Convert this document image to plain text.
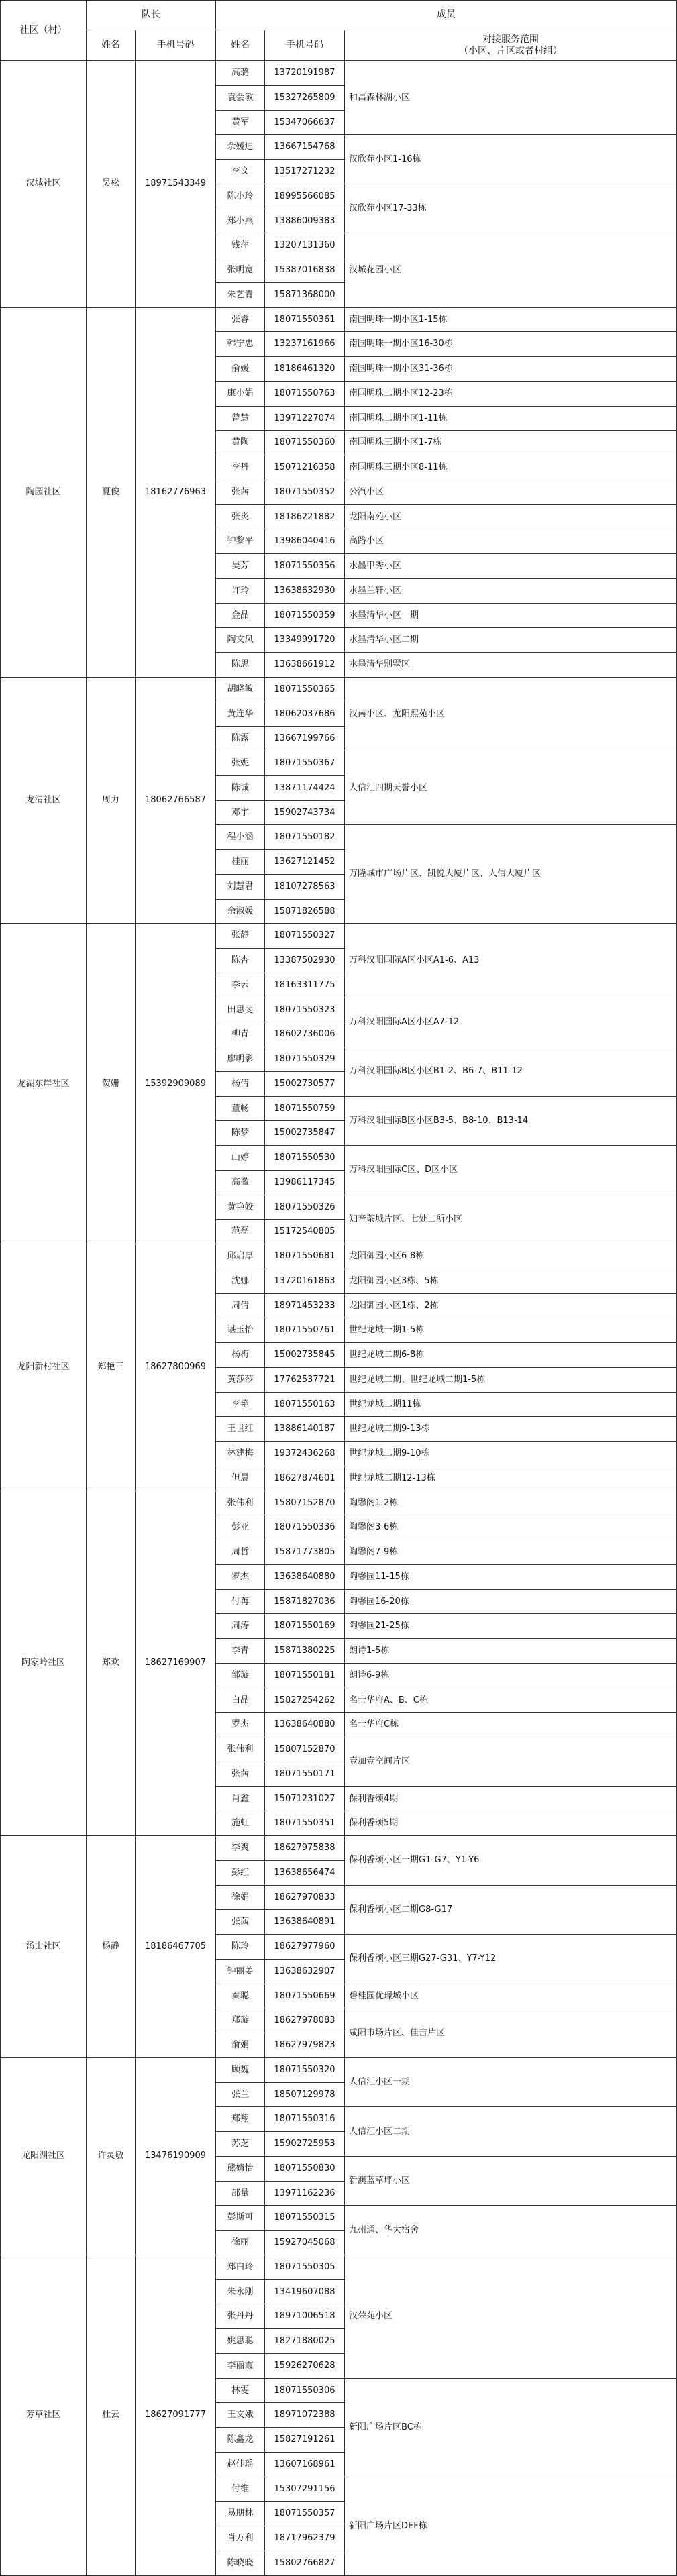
社区（村）	队长		成员		
	姓名	手机号码	姓名	手机号码	对接服务范围
（小区、片区或者村组）
汉城社区	吴松	18971543349	高璐	13720191987	和昌森林湖小区
			袁会敏	15327265809	
			黄军	15347066637	
			佘媛迪	13667154768	汉欣苑小区1-16栋
			李文	13517271232	
			陈小玲	18995566085	汉欣苑小区17-33栋
			郑小燕	13886009383	
			钱萍	13207131360	汉城花园小区
			张明宽	15387016838	
			朱艺青	15871368000	
陶园社区	夏俊	18162776963	张睿	18071550361	南国明珠一期小区1-15栋
			韩宁忠	13237161966	南国明珠一期小区16-30栋
			俞媛	18186461320	南国明珠一期小区31-36栋
			康小娟	18071550763	南国明珠二期小区12-23栋
			曾慧	13971227074	南国明珠二期小区1-11栋
			黄陶	18071550360	南国明珠三期小区1-7栋
			李丹	15071216358	南国明珠三期小区8-11栋
			张茜	18071550352	公汽小区
			张炎	18186221882	龙阳南苑小区
			钟黎平	13986040416	高路小区
			吴芳	18071550356	水墨甲秀小区
			许玲	13638632930	水墨兰轩小区
			金晶	18071550359	水墨清华小区一期
			陶文凤	13349991720	水墨清华小区二期
			陈思	13638661912	水墨清华别墅区
龙清社区	周力	18062766587	胡晓敏	18071550365	汉南小区、龙阳熙苑小区
			黄连华	18062037686	
			陈露	13667199766	
			张妮	18071550367	人信汇四期天誉小区
			陈诚	13871174424	
			邓宇	15902743734	
			程小涵	18071550182	万隆城市广场片区、凯悦大厦片区、人信大厦片区
			桂丽	13627121452	
			刘慧君	18107278563	
			余淑媛	15871826588	
龙湖东岸社区	贺姗	15392909089	张静	18071550327	万科汉阳国际A区小区A1-6、A13
			陈杏	13387502930	
			李云	18163311775	
			田思斐	18071550323	万科汉阳国际A区小区A7-12
			柳青	18602736006	
			廖明影	18071550329	万科汉阳国际B区小区B1-2、B6-7、B11-12
			杨倩	15002730577	
			董畅	18071550759	万科汉阳国际B区小区B3-5、B8-10、B13-14
			陈梦	15002735847	
			山婷	18071550530	万科汉阳国际C区、D区小区
			高徽	13986117345	
			黄艳姣	18071550326	知音茶城片区、七处二所小区
			范磊	15172540805	
龙阳新村社区	郑艳三	18627800969	邱启厚	18071550681	龙阳御园小区6-8栋
			沈娜	13720161863	龙阳御园小区3栋、5栋
			周倩	18971453233	龙阳御园小区1栋、2栋
			谌玉怡	18071550761	世纪龙城一期1-5栋
			杨梅	15002735845	世纪龙城二期6-8栋
			黄莎莎	17762537721	世纪龙城二期、世纪龙城二期1-5栋
			李艳	18071550163	世纪龙城二期11栋
			王世红	13886140187	世纪龙城二期9-13栋
			林建梅	19372436268	世纪龙城二期9-10栋
			但晨	18627874601	世纪龙城二期12-13栋
陶家岭社区	郑欢	18627169907	张伟利	15807152870	陶馨阁1-2栋
			彭亚	18071550336	陶馨阁3-6栋
			周哲	15871773805	陶馨阁7-9栋
			罗杰	13638640880	陶馨园11-15栋
			付苒	15871827036	陶馨园16-20栋
			周涛	18071550169	陶馨园21-25栋
			李青	15871380225	朗诗1-5栋
			邹璇	18071550181	朗诗6-9栋
			白晶	15827254262	名士华府A、B、C栋
			罗杰	13638640880	名士华府C栋
			张伟利	15807152870	壹加壹空间片区
			张茜	18071550171	
			肖鑫	15071231027	保利香颂4期
			施虹	18071550351	保利香颂5期
汤山社区	杨静	18186467705	李爽	18627975838	保利香颂小区一期G1-G7、Y1-Y6
			彭红	13638656474	
			徐娟	18627970833	保利香颂小区二期G8-G17
			张茜	13638640891	
			陈玲	18627977960	保利香颂小区三期G27-G31、Y7-Y12
			钟丽姜	13638632907	
			秦聪	18071550669	碧桂园优璟城小区
			郑璇	18627978083	咸阳市场片区、佳吉片区
			俞娟	18627979823	
龙阳湖社区	许灵敏	13476190909	顾魏	18071550320	人信汇小区一期
			张兰	18507129978	
			郑翔	18071550316	人信汇小区二期
			苏芝	15902725953	
			熊婧怡	18071550830	新澳蓝草坪小区
			邵量	13971162236	
			彭斯可	18071550315	九州通、华大宿舍
			徐丽	15927045068	
芳草社区	杜云	18627091777	郑白玲	18071550305	汉荣苑小区
			朱永刚	13419607088	
			张丹丹	18971006518	
			姚思聪	18271880025	
			李丽霞	15926270628	
			林雯	18071550306	新阳广场片区BC栋
			王文娥	18971072388	
			陈鑫龙	15827191261	
			赵佳瑶	13607168961	
			付维	15307291156	新阳广场片区DEF栋
			易朋林	18071550357	
			肖万利	18717962379	
			陈晓晓	15802766827	
